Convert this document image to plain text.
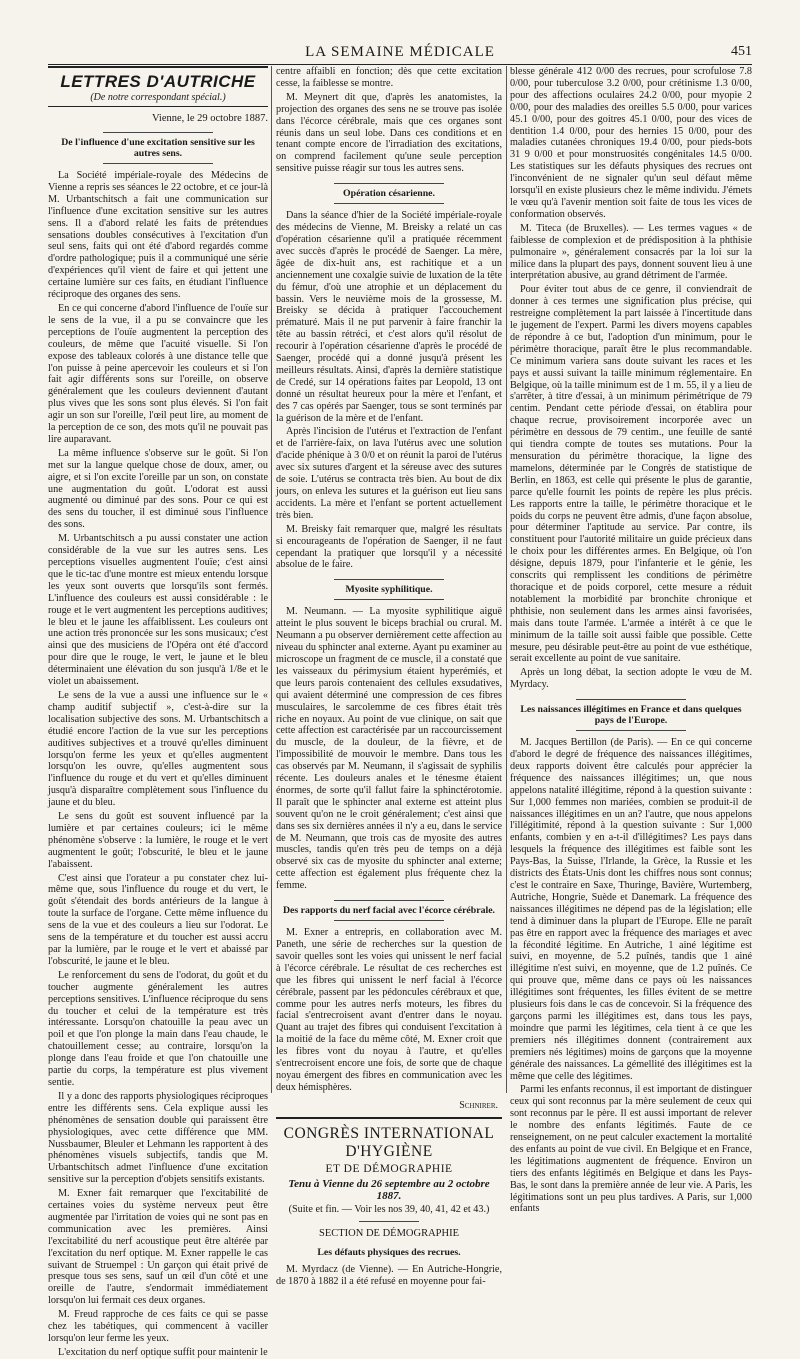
LA SEMAINE MÉDICALE	451
LETTRES D'AUTRICHE
(De notre correspondant spécial.)
Vienne, le 29 octobre 1887.
De l'influence d'une excitation sensitive sur les autres sens.

La Société impériale-royale des Médecins de Vienne a repris ses séances le 22 octobre, et ce jour-là M. Urbantschitsch a fait une communication sur l'influence d'une excitation sensitive sur les autres sens. Il a d'abord relaté les faits de prétendues sensations doubles consécutives à l'excitation d'un seul sens, faits qui ont été d'abord regardés comme d'ordre pathologique; puis il a communiqué une série d'expériences qu'il vient de faire et qui jettent une certaine lumière sur ces faits, en étudiant l'influence réciproque des organes des sens.

En ce qui concerne d'abord l'influence de l'ouïe sur le sens de la vue, il a pu se convaincre que les perceptions de l'ouïe augmentent la perception des couleurs, de même que l'acuité visuelle. Si l'on expose des tableaux colorés à une distance telle que l'on puisse à peine apercevoir les couleurs et si l'on fait agir différents sons sur l'oreille, on observe généralement que les couleurs deviennent d'autant plus vives que les sons sont plus élevés. Si l'on fait agir un son sur l'oreille, l'œil peut lire, au moment de la perception de ce son, des mots qu'il ne pouvait pas lire auparavant.

La même influence s'observe sur le goût. Si l'on met sur la langue quelque chose de doux, amer, ou aigre, et si l'on excite l'oreille par un son, on constate une augmentation du goût. L'odorat est aussi augmenté ou diminué par des sons. Pour ce qui est des sens du toucher, il est diminué sous l'influence des sons.

M. Urbantschitsch a pu aussi constater une action considérable de la vue sur les autres sens. Les perceptions visuelles augmentent l'ouïe; c'est ainsi que le tic-tac d'une montre est mieux entendu lorsque les yeux sont ouverts que lorsqu'ils sont fermés. L'influence des couleurs est aussi considérable : le rouge et le vert augmentent les perceptions auditives; le bleu et le jaune les affaiblissent. Les couleurs ont une action très prononcée sur les sons musicaux; c'est ainsi que des musiciens de l'Opéra ont été d'accord pour dire que le rouge, le vert, le jaune et le bleu déterminaient une élévation du son jusqu'à 1/8e et le violet un abaissement.

Le sens de la vue a aussi une influence sur le « champ auditif subjectif », c'est-à-dire sur la localisation subjective des sons. M. Urbantschitsch a étudié encore l'action de la vue sur les perceptions auditives subjectives et a trouvé qu'elles diminuent lorsqu'on ferme les yeux et qu'elles augmentent lorsqu'on les ouvre, qu'elles augmentent sous l'influence du rouge et du vert et qu'elles diminuent jusqu'à disparaître complètement sous l'influence du jaune et du bleu.

Le sens du goût est souvent influencé par la lumière et par certaines couleurs; ici le même phénomène s'observe : la lumière, le rouge et le vert augmentent le goût; l'obscurité, le bleu et le jaune l'abaissent.

C'est ainsi que l'orateur a pu constater chez lui-même que, sous l'influence du rouge et du vert, le goût s'étendait des bords antérieurs de la langue à toute la surface de l'organe. Cette même influence du sens de la vue et des couleurs a lieu sur l'odorat. Le sens de la température et du toucher est aussi accru par la lumière, par le rouge et le vert et abaissé par l'obscurité, le jaune et le bleu.

Le renforcement du sens de l'odorat, du goût et du toucher augmente généralement les autres perceptions sensitives. L'influence réciproque du sens du toucher et celui de la température est très intéressante. Lorsqu'on chatouille la peau avec un poil et que l'on plonge la main dans l'eau chaude, le chatouillement cesse; au contraire, lorsqu'on la plonge dans l'eau froide et que l'on chatouille une partie du corps, la température est plus vivement sentie.

Il y a donc des rapports physiologiques réciproques entre les différents sens. Cela explique aussi les phénomènes de sensation double qui paraissent être physiologiques, avec cette différence que MM. Nussbaumer, Bleuler et Lehmann les rapportent à des phénomènes visuels subjectifs, tandis que M. Urbantschitsch admet l'influence d'une excitation sensitive sur la perception d'objets sensitifs existants.

M. Exner fait remarquer que l'excitabilité de certaines voies du système nerveux peut être augmentée par l'irritation de voies qui ne sont pas en communication avec les premières. Ainsi l'excitabilité du nerf acoustique peut être altérée par l'excitation du nerf optique. M. Exner rappelle le cas suivant de Struempel : Un garçon qui était privé de presque tous ses sens, sauf un œil d'un côté et une oreille de l'autre, s'endormait immédiatement lorsqu'on lui fermait ces deux organes.

M. Freud rapproche de ces faits ce qui se passe chez les tabétiques, qui commencent à vaciller lorsqu'on leur ferme les yeux.

L'excitation du nerf optique suffit pour maintenir le

centre affaibli en fonction; dès que cette excitation cesse, la faiblesse se montre.

M. Meynert dit que, d'après les anatomistes, la projection des organes des sens ne se trouve pas isolée dans l'écorce cérébrale, mais que ces organes sont réunis dans un seul lobe. Dans ces conditions et en tenant compte encore de l'irradiation des excitations, on comprend facilement qu'une seule perception sensitive puisse réagir sur tous les autres sens.

Opération césarienne.

Dans la séance d'hier de la Société impériale-royale des médecins de Vienne, M. Breisky a relaté un cas d'opération césarienne qu'il a pratiquée récemment avec succès d'après le procédé de Saenger. La mère, âgée de dix-huit ans, est rachitique et a un anciennement une coxalgie suivie de luxation de la tête du fémur, d'où une atrophie et un déplacement du bassin. Vers le neuvième mois de la grossesse, M. Breisky se décida à pratiquer l'accouchement prématuré. Mais il ne put parvenir à faire franchir la tête au bassin rétréci, et c'est alors qu'il résolut de recourir à l'opération césarienne d'après le procédé de Saenger, procédé qui a donné jusqu'à présent les meilleurs résultats. Ainsi, d'après la dernière statistique de Credé, sur 14 opérations faites par Leopold, 13 ont donné un résultat heureux pour la mère et l'enfant, et des 7 cas opérés par Saenger, tous se sont terminés par la guérison de la mère et de l'enfant.

Après l'incision de l'utérus et l'extraction de l'enfant et de l'arrière-faix, on lava l'utérus avec une solution d'acide phénique à 3 0/0 et on réunit la paroi de l'utérus avec six sutures d'argent et la séreuse avec des sutures de soie. L'utérus se contracta très bien. Au bout de dix jours, on enleva les sutures et la guérison eut lieu sans accidents. La mère et l'enfant se portent actuellement très bien.

M. Breisky fait remarquer que, malgré les résultats si encourageants de l'opération de Saenger, il ne faut cependant la pratiquer que lorsqu'il y a nécessité absolue de le faire.

Myosite syphilitique.

M. Neumann. — La myosite syphilitique aiguë atteint le plus souvent le biceps brachial ou crural. M. Neumann a pu observer dernièrement cette affection au niveau du sphincter anal externe. Ayant pu examiner au microscope un fragment de ce muscle, il a constaté que les vaisseaux du périmysium étaient hyperémiés, et que leurs parois contenaient des cellules exsudatives, qui avaient déterminé une compression de ces fibres musculaires, le sarcolemme de ces fibres était très riche en noyaux. Au point de vue clinique, on sait que cette affection est caractérisée par un raccourcissement du muscle, de la douleur, de la fièvre, et de l'impossibilité de mouvoir le membre. Dans tous les cas observés par M. Neumann, il s'agissait de syphilis récente. Les douleurs anales et le ténesme étaient énormes, de sorte qu'il fallut faire la sphinctérotomie. Il paraît que le sphincter anal externe est atteint plus souvent qu'on ne le croit généralement; c'est ainsi que dans ses six dernières années il n'y a eu, dans le service de M. Neumann, que trois cas de myosite des autres muscles, tandis qu'en très peu de temps on a déjà observé six cas de myosite du sphincter anal externe; cette affection est également plus fréquente chez la femme.

Des rapports du nerf facial avec l'écorce cérébrale.

M. Exner a entrepris, en collaboration avec M. Paneth, une série de recherches sur la question de savoir quelles sont les voies qui unissent le nerf facial à l'écorce cérébrale. Le résultat de ces recherches est que les fibres qui unissent le nerf facial à l'écorce cérébrale, passent par les pédoncules cérébraux et que, comme pour les autres nerfs moteurs, les fibres du facial s'entrecroisent avant d'entrer dans le noyau. Quant au trajet des fibres qui conduisent l'excitation à la moitié de la face du même côté, M. Exner croit que les fibres vont du noyau à l'autre, et qu'elles s'entrecroisent encore une fois, de sorte que de chaque noyau émergent des fibres en communication avec les deux hémisphères.

Schnirer.
CONGRÈS INTERNATIONAL D'HYGIÈNE
ET DE DÉMOGRAPHIE
Tenu à Vienne du 26 septembre au 2 octobre 1887.
(Suite et fin. — Voir les nos 39, 40, 41, 42 et 43.)
SECTION DE DÉMOGRAPHIE
Les défauts physiques des recrues.

M. Myrdacz (de Vienne). — En Autriche-Hongrie, de 1870 à 1882 il a été refusé en moyenne pour fai-

blesse générale 412 0/00 des recrues, pour scrofulose 7.8 0/00, pour tuberculose 3.2 0/00, pour crétinisme 1.3 0/00, pour des affections oculaires 24.2 0/00, pour myopie 2 0/00, pour des maladies des oreilles 5.5 0/00, pour varices 45.1 0/00, pour des goitres 45.1 0/00, pour des vices de dentition 1.4 0/00, pour des hernies 15 0/00, pour des maladies cutanées chroniques 19.4 0/00, pour pieds-bots 31 9 0/00 et pour monstruosités congénitales 14.5 0/00. Les statistiques sur les défauts physiques des recrues ont l'inconvénient de ne signaler qu'un seul défaut même lorsqu'il en existe plusieurs chez le même individu. J'émets le vœu qu'à l'avenir mention soit faite de tous les vices de conformation observés.

M. Titeca (de Bruxelles). — Les termes vagues « de faiblesse de complexion et de prédisposition à la phthisie pulmonaire », généralement consacrés par la loi sur la milice dans la plupart des pays, donnent souvent lieu à une interprétation abusive, au grand détriment de l'armée.

Pour éviter tout abus de ce genre, il conviendrait de donner à ces termes une signification plus précise, qui restreigne complètement la part laissée à l'incertitude dans le jugement de l'expert. Parmi les divers moyens capables de répondre à ce but, l'adoption d'un minimum, pour le périmètre thoracique, paraît être le plus recommandable. Ce minimum variera sans doute suivant les races et les pays et aussi suivant la taille minimum réglementaire. En Belgique, où la taille minimum est de 1 m. 55, il y a lieu de s'arrêter, à titre d'essai, à un minimum périmétrique de 79 centim. Pendant cette période d'essai, on établira pour chaque recrue, provisoirement incorporée avec un périmètre en dessous de 79 centim., une feuille de santé qui tiendra compte de toutes ses mutations. Pour la mensuration du périmètre thoracique, la ligne des mamelons, déterminée par le Congrès de statistique de Berlin, en 1863, est celle qui présente le plus de garantie, parce qu'elle fournit les points de repère les plus précis. Les rapports entre la taille, le périmètre thoracique et le poids du corps ne peuvent être admis, d'une façon absolue, pour déterminer l'aptitude au service. Par contre, ils constituent pour l'autorité militaire un guide précieux dans le choix pour les différentes armes. En Belgique, où l'on désigne, depuis 1879, pour l'infanterie et le génie, les conscrits qui remplissent les conditions de périmètre thoracique et de poids corporel, cette mesure a réduit notablement la morbidité par bronchite chronique et phthisie, non seulement dans les armes ainsi favorisées, mais dans toute l'armée. L'armée a intérêt à ce que le minimum de la taille soit aussi faible que possible. Cette mesure, peu désirable peut-être au point de vue esthétique, serait excellente au point de vue sanitaire.

Après un long débat, la section adopte le vœu de M. Myrdacy.

Les naissances illégitimes en France et dans quelques pays de l'Europe.

M. Jacques Bertillon (de Paris). — En ce qui concerne d'abord le degré de fréquence des naissances illégitimes, deux rapports doivent être calculés pour apprécier la fréquence des naissances illégitimes; un, que nous appelons natalité illégitime, répond à la question suivante : Sur 1,000 femmes non mariées, combien se produit-il de naissances illégitimes en un an? l'autre, que nous appelons l'illégitimité, répond à la question suivante : Sur 1,000 enfants, combien y en a-t-il d'illégitimes? Les pays dans lesquels la fréquence des illégitimes est faible sont les Pays-Bas, la Suisse, l'Irlande, la Grèce, la Russie et les districts des États-Unis dont les chiffres nous sont connus; c'est le contraire en Saxe, Thuringe, Bavière, Wurtemberg, Autriche, Hongrie, Suède et Danemark. La fréquence des naissances illégitimes ne dépend pas de la législation; elle tend à diminuer dans la plupart de l'Europe. Elle ne paraît pas être en rapport avec la fréquence des mariages et avec la fécondité légitime. En Autriche, 1 ainé légitime est suivi, en moyenne, de 5.2 puînés, tandis que 1 ainé illégitime n'est suivi, en moyenne, que de 1.2 puînés. Ce qui prouve que, même dans ce pays où les naissances illégitimes sont fréquentes, les filles évitent de se mettre plusieurs fois dans le cas de concevoir. Si la fréquence des garçons parmi les illégitimes est, dans tous les pays, moindre que parmi les légitimes, cela tient à ce que les premiers nés illégitimes donnent (contrairement aux premiers nés légitimes) moins de garçons que la moyenne générale des naissances. La gémellité des illégitimes est la même que celle des légitimes.

Parmi les enfants reconnus, il est important de distinguer ceux qui sont reconnus par la mère seulement de ceux qui sont reconnus par le père. Il est aussi important de relever le nombre des enfants légitimés. Faute de ce renseignement, on ne peut calculer exactement la mortalité des enfants au point de vue civil. En Belgique et en France, les légitimations augmentent de fréquence. Environ un tiers des enfants légitimés en Belgique et dans les Pays-Bas, le sont dans la première année de leur vie. A Paris, les légitimations sont un peu plus tardives. A Paris, sur 1,000 enfants
